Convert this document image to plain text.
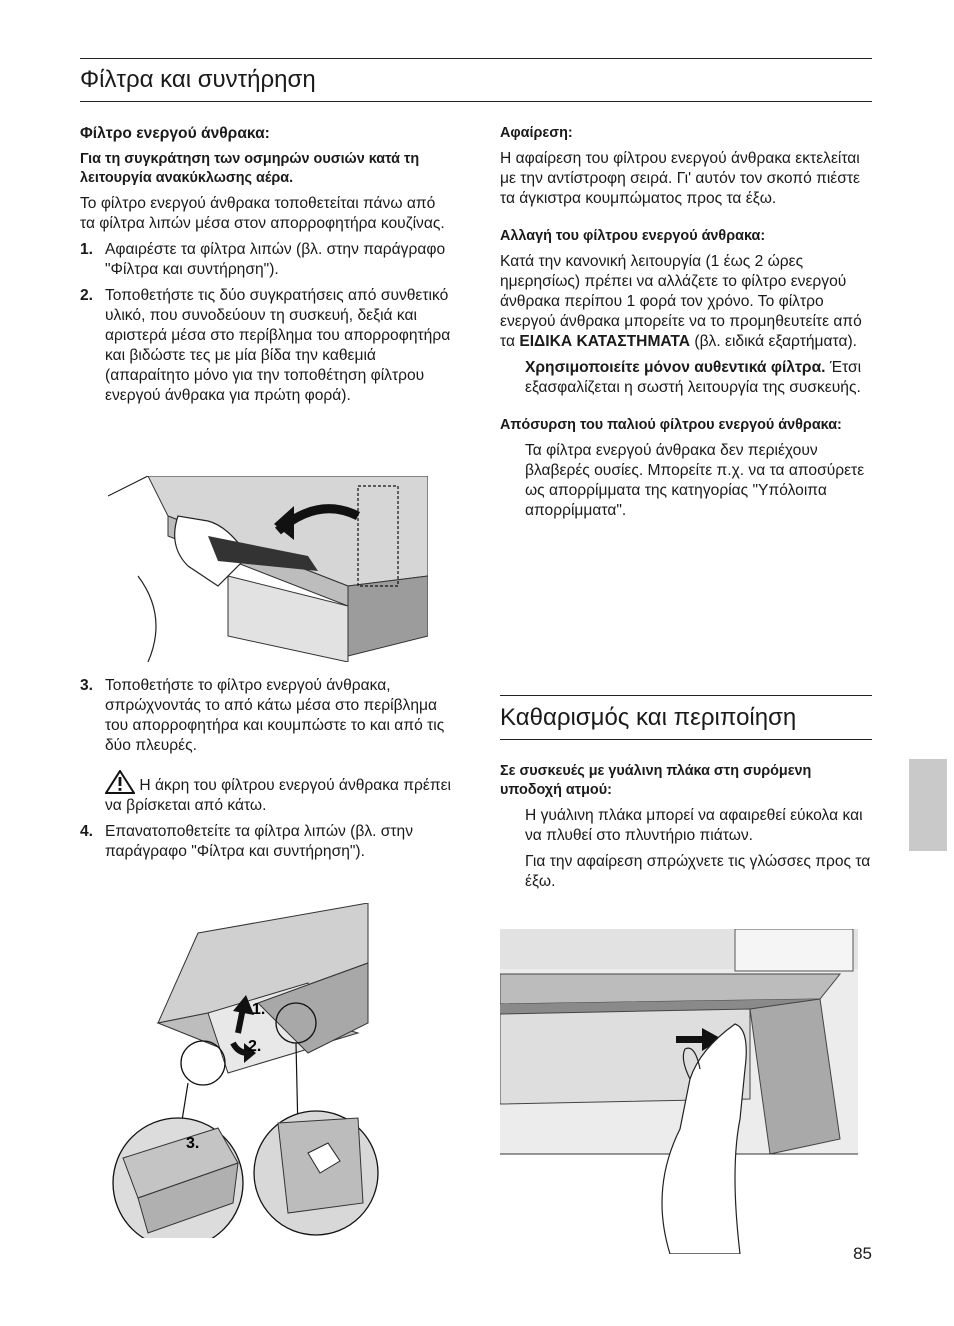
Φίλτρα και συντήρηση
Φίλτρο ενεργού άνθρακα:
Για τη συγκράτηση των οσμηρών ουσιών κατά τη λειτουργία ανακύκλωσης αέρα.

Το φίλτρο ενεργού άνθρακα τοποθετείται πάνω από τα φίλτρα λιπών μέσα στον απορροφητήρα κουζίνας.

1. Αφαιρέστε τα φίλτρα λιπών (βλ. στην παράγραφο "Φίλτρα και συντήρηση").
2. Τοποθετήστε τις δύο συγκρατήσεις από συνθετικό υλικό, που συνοδεύουν τη συσκευή, δεξιά και αριστερά μέσα στο περίβλημα του απορροφητήρα και βιδώστε τες με μία βίδα την καθεμιά (απαραίτητο μόνο για την τοποθέτηση φίλτρου ενεργού άνθρακα για πρώτη φορά).
3. Τοποθετήστε το φίλτρο ενεργού άνθρακα, σπρώχνοντάς το από κάτω μέσα στο περίβλημα του απορροφητήρα και κουμπώστε το και από τις δύο πλευρές.
Η άκρη του φίλτρου ενεργού άνθρακα πρέπει να βρίσκεται από κάτω.
4. Επανατοποθετείτε τα φίλτρα λιπών (βλ. στην παράγραφο "Φίλτρα και συντήρηση").
1.
2.
3.
Αφαίρεση:

Η αφαίρεση του φίλτρου ενεργού άνθρακα εκτελείται με την αντίστροφη σειρά. Γι' αυτόν τον σκοπό πιέστε τα άγκιστρα κουμπώματος προς τα έξω.

Αλλαγή του φίλτρου ενεργού άνθρακα:

Κατά την κανονική λειτουργία (1 έως 2 ώρες ημερησίως) πρέπει να αλλάζετε το φίλτρο ενεργού άνθρακα περίπου 1 φορά τον χρόνο. Το φίλτρο ενεργού άνθρακα μπορείτε να το προμηθευτείτε από τα ΕΙΔΙΚΑ ΚΑΤΑΣΤΗΜΑΤΑ (βλ. ειδικά εξαρτήματα).

Χρησιμοποιείτε μόνον αυθεντικά φίλτρα. Έτσι εξασφαλίζεται η σωστή λειτουργία της συσκευής.

Απόσυρση του παλιού φίλτρου ενεργού άνθρακα:

Τα φίλτρα ενεργού άνθρακα δεν περιέχουν βλαβερές ουσίες. Μπορείτε π.χ. να τα αποσύρετε ως απορρίμματα της κατηγορίας "Υπόλοιπα απορρίμματα".

Καθαρισμός και περιποίηση
Σε συσκευές με γυάλινη πλάκα στη συρόμενη υποδοχή ατμού:

Η γυάλινη πλάκα μπορεί να αφαιρεθεί εύκολα και να πλυθεί στο πλυντήριο πιάτων.

Για την αφαίρεση σπρώχνετε τις γλώσσες προς τα έξω.

85
